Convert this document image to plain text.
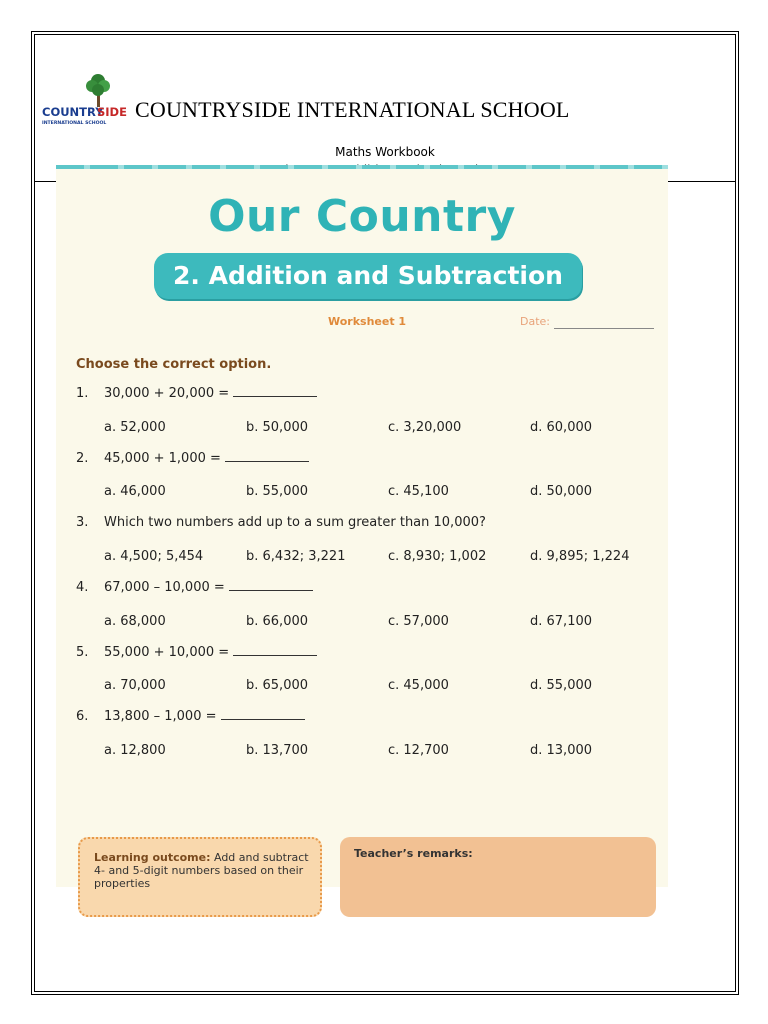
COUNTRY
SIDE
INTERNATIONAL SCHOOL
COUNTRYSIDE INTERNATIONAL SCHOOL
Maths Workbook
Our Country
2. Addition and Subtraction
Worksheet 1	Date:
Choose the correct option.
1. 30,000 + 20,000 =
a. 52,000	b. 50,000	c. 3,20,000	d. 60,000
2. 45,000 + 1,000 =
a. 46,000	b. 55,000	c. 45,100	d. 50,000
3. Which two numbers add up to a sum greater than 10,000?
a. 4,500; 5,454	b. 6,432; 3,221	c. 8,930; 1,002	d. 9,895; 1,224
4. 67,000 – 10,000 =
a. 68,000	b. 66,000	c. 57,000	d. 67,100
5. 55,000 + 10,000 =
a. 70,000	b. 65,000	c. 45,000	d. 55,000
6. 13,800 – 1,000 =
a. 12,800	b. 13,700	c. 12,700	d. 13,000
Learning outcome: Add and subtract 4- and 5-digit numbers based on their properties
Teacher’s remarks:
